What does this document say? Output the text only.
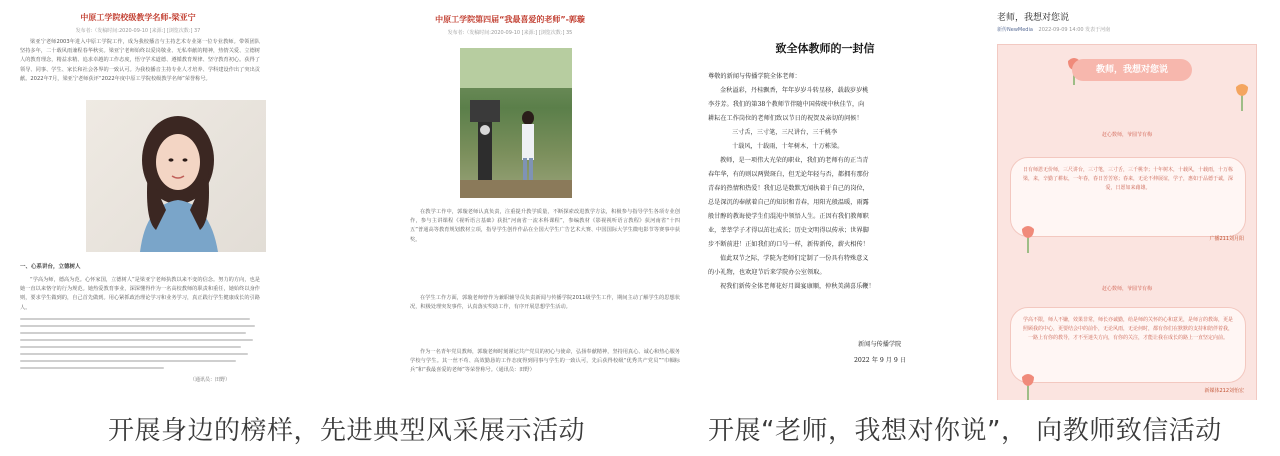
中原工学院校级教学名师-梁亚宁
发布者:（发稿时间:2020-09-10 [来源:] [浏览次数:] 37

梁亚宁老师2003年进入中原工学院工作，成为我校播音与主持艺术专业第一位专业教师。带领团队坚持多年，二十载风雨兼程春华秋实。梁亚宁老师始终以爱岗敬业、无私奉献的精神，热情关爱、立德树人的教育理念，精益求精、追求卓越的工作态度，悟守学术道德、遵循教育规律、坚守教育初心。获得了领导、同事、学生、家长和社会各界的一致认可。为我校播音主持专业人才培养、学科建设作出了突出贡献。2022年7月，梁亚宁老师获评“2022年度中原工学院校级教学名师”荣誉称号。

一、心系讲台，立德树人

“学高为师，德高为范。心怀家国，立德树人”是梁亚宁老师执教以来不变的信念。努力的方向，也是她一直以来恪守的行为规范。她热爱教育事业，深深懂得作为一名高校教师的职责和重任，她始终以身作则，要求学生做到的，自己首先做到。用心紧抓政治理论学习和业务学习，真正践行学生健康成长的引路人。

（通讯员：田野）
中原工学院第四届“我最喜爱的老师”-郭璇
发布者:（发稿时间:2020-09-10 [来源:] [浏览次数:] 35

在教学工作中，郭璇老师认真负责，注重提升教学质量，不断探索改进教学方法，积极参与指导学生各项专业创作，参与主讲课程《视听语言基础》获批“河南省一流本科课程”，参编教材《影视视听语言教程》获河南省“十四五”普通高等教育规划教材立项，指导学生创作作品在全国大学生广告艺术大赛、中国国际大学生微电影节等赛事中获奖。

在学生工作方面，郭璇老师曾作为兼职辅导员负责新闻与传播学院2011级学生工作，期间主动了解学生的思想状况，积极处理突发事件，认真落实奖助工作，有序开展思想学生活动。

作为一名青年党员教师，郭璇老师时刻谨记共产党员的初心与使命，弘扬奉献精神，坚持用真心、诚心和热心服务学校与学生。其一丝不苟、高效勤恳的工作态度得到同事与学生的一致认可，先后获得校级“优秀共产党员”“巾帼标兵”和“我最喜爱的老师”等荣誉称号。（通讯员：田野）

致全体教师的一封信

尊敬的新闻与传播学院全体老师：

金秋溢彩，丹桂飘香，年年岁岁斗转星移，载载岁岁桃

李芬芳。我们的第38个教师节伴随中国传统中秋佳节，向

耕耘在工作岗位的老师们致以节日的祝贺及亲切的问候！

三寸舌，三寸笔，三尺讲台，三千桃李

十载风，十载雨，十年树木，十万栋梁。

教师，是一项伟大光荣的职业，我们的老师有的正当青

春年华，有的则以两鬓斑白，但无论年轻与否，都拥有那份

青春的热情和热爱！我们总是数默无闻执着于自己的岗位，

总是深沉的奉献着自己的知识和青春，用阳光般温暖，雨露

般甘醇的教诲使学生们混沌中领悟人生。正因有我们教师职

业，莘莘学子才得以茁壮成长；历史文明得以传承；世界脚

步不断前进！正如我们的口号一样，新传新传，薪火相传！

值此双节之际，学院为老师们定制了一份具有特殊意义

的小礼物，也欢迎节后来学院办公室领取。

祝我们新传全体老师花好月圆宴康顺，仲秋美满喜乐鞭！

新闻与传播学院
2022 年 9 月 9 日
老师，我想对您说
新传NewMedia 2022-09-09 14:00 发表于河南
教师，我想对您说
赶心数师，爷圆节有梅

日有师恩无价师，三尺讲台，三寸笔，三寸舌，三千桃李；十年树木，十载风，十载雨，十万栋梁，来，辛勤了耕耘，一年春，春日苦苦寒；春来，无论不伸展谊，学子，惠如于品德于诚，深爱，日愿如来藉雄。

广播211刘月阳
赶心数师，爷圆节有梅

学高不限，师人不嫌，效果非常，师长亦诚勤，给是师的关怀的心和意见，是师言的教诲，更是照顾我的中心，更要结会中的前仆，无论风雨，无论何时，都有你们在默默的支持和陪伴着我，一路上有你的教导，才不至迷失方向，有你的关注，才能让我在成长的路上一直坚定向前。

新媒体212刘怡宏
开展身边的榜样，先进典型风采展示活动	开展“老师，我想对你说”， 向教师致信活动
